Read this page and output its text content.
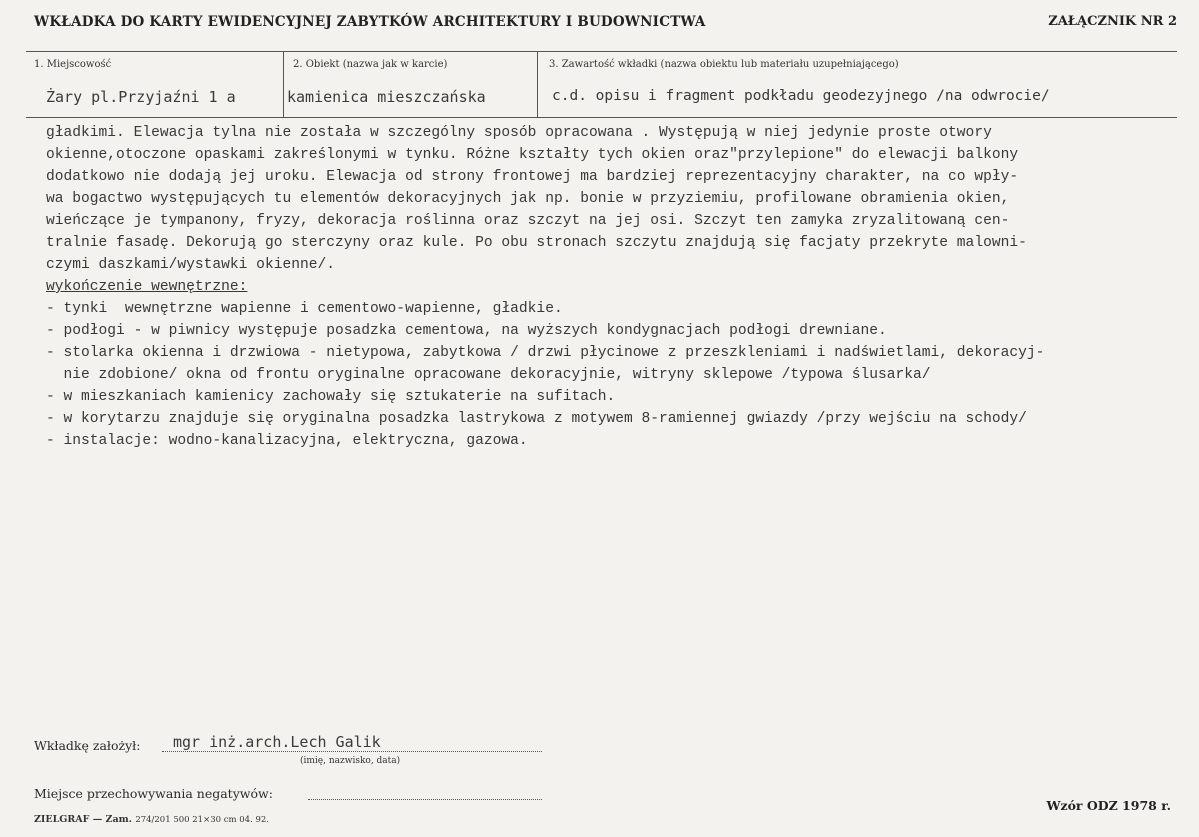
WKŁADKA DO KARTY EWIDENCYJNEJ ZABYTKÓW ARCHITEKTURY I BUDOWNICTWA	ZAŁĄCZNIK NR 2
1. Miejscowość
Żary pl.Przyjaźni 1 a
2. Obiekt (nazwa jak w karcie)
kamienica mieszczańska
3. Zawartość wkładki (nazwa obiektu lub materiału uzupełniającego)
c.d. opisu i fragment podkładu geodezyjnego /na odwrocie/
gładkimi. Elewacja tylna nie została w szczególny sposób opracowana . Występują w niej jedynie proste otwory
okienne,otoczone opaskami zakreślonymi w tynku. Różne kształty tych okien oraz"przylepione" do elewacji balkony
dodatkowo nie dodają jej uroku. Elewacja od strony frontowej ma bardziej reprezentacyjny charakter, na co wpły-
wa bogactwo występujących tu elementów dekoracyjnych jak np. bonie w przyziemiu, profilowane obramienia okien,
wieńczące je tympanony, fryzy, dekoracja roślinna oraz szczyt na jej osi. Szczyt ten zamyka zryzalitowaną cen-
tralnie fasadę. Dekorują go sterczyny oraz kule. Po obu stronach szczytu znajdują się facjaty przekryte malowni-
czymi daszkami/wystawki okienne/.
wykończenie wewnętrzne:
- tynki  wewnętrzne wapienne i cementowo-wapienne, gładkie.
- podłogi - w piwnicy występuje posadzka cementowa, na wyższych kondygnacjach podłogi drewniane.
- stolarka okienna i drzwiowa - nietypowa, zabytkowa / drzwi płycinowe z przeszkleniami i nadświetlami, dekoracyj-
nie zdobione/ okna od frontu oryginalne opracowane dekoracyjnie, witryny sklepowe /typowa ślusarka/
- w mieszkaniach kamienicy zachowały się sztukaterie na sufitach.
- w korytarzu znajduje się oryginalna posadzka lastrykowa z motywem 8-ramiennej gwiazdy /przy wejściu na schody/
- instalacje: wodno-kanalizacyjna, elektryczna, gazowa.
Wkładkę założył: mgr inż.arch.Lech Galik
(imię, nazwisko, data)
Miejsce przechowywania negatywów:
ZIELGRAF — Zam. 274/201 500 21×30 cm 04. 92.
Wzór ODZ 1978 r.
